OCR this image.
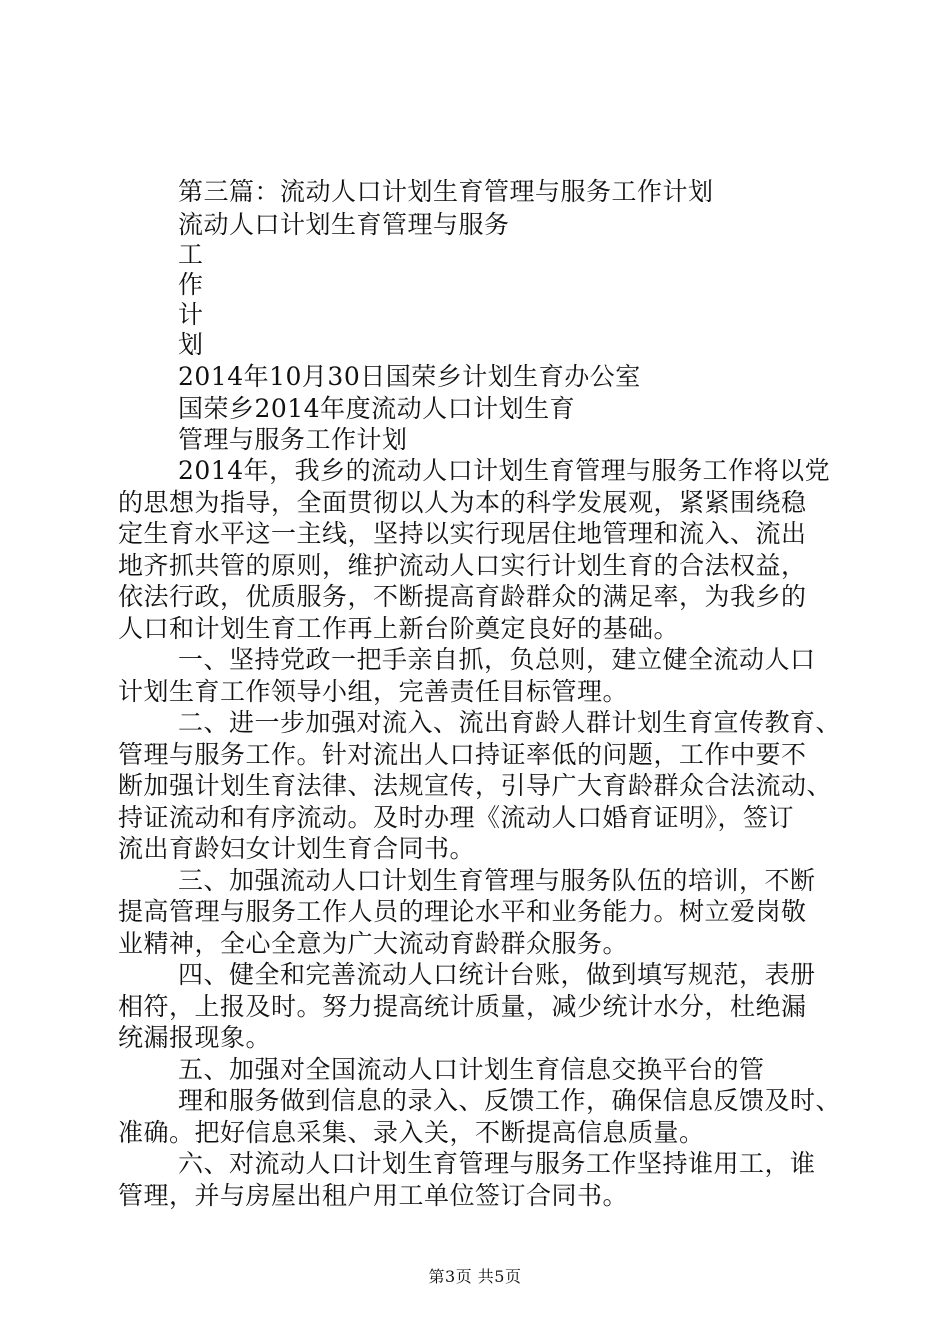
第三篇：流动人口计划生育管理与服务工作计划
流动人口计划生育管理与服务
工
作
计
划
2014年10月30日国荣乡计划生育办公室
国荣乡2014年度流动人口计划生育
管理与服务工作计划
2014年，我乡的流动人口计划生育管理与服务工作将以党
的思想为指导，全面贯彻以人为本的科学发展观，紧紧围绕稳
定生育水平这一主线，坚持以实行现居住地管理和流入、流出
地齐抓共管的原则，维护流动人口实行计划生育的合法权益，
依法行政，优质服务，不断提高育龄群众的满足率，为我乡的
人口和计划生育工作再上新台阶奠定良好的基础。
一、坚持党政一把手亲自抓，负总则，建立健全流动人口
计划生育工作领导小组，完善责任目标管理。
二、进一步加强对流入、流出育龄人群计划生育宣传教育、
管理与服务工作。针对流出人口持证率低的问题，工作中要不
断加强计划生育法律、法规宣传，引导广大育龄群众合法流动、
持证流动和有序流动。及时办理《流动人口婚育证明》，签订
流出育龄妇女计划生育合同书。
三、加强流动人口计划生育管理与服务队伍的培训，不断
提高管理与服务工作人员的理论水平和业务能力。树立爱岗敬
业精神，全心全意为广大流动育龄群众服务。
四、健全和完善流动人口统计台账，做到填写规范，表册
相符，上报及时。努力提高统计质量，减少统计水分，杜绝漏
统漏报现象。
五、加强对全国流动人口计划生育信息交换平台的管
理和服务做到信息的录入、反馈工作，确保信息反馈及时、
准确。把好信息采集、录入关，不断提高信息质量。
六、对流动人口计划生育管理与服务工作坚持谁用工，谁
管理，并与房屋出租户用工单位签订合同书。
第3页 共5页
